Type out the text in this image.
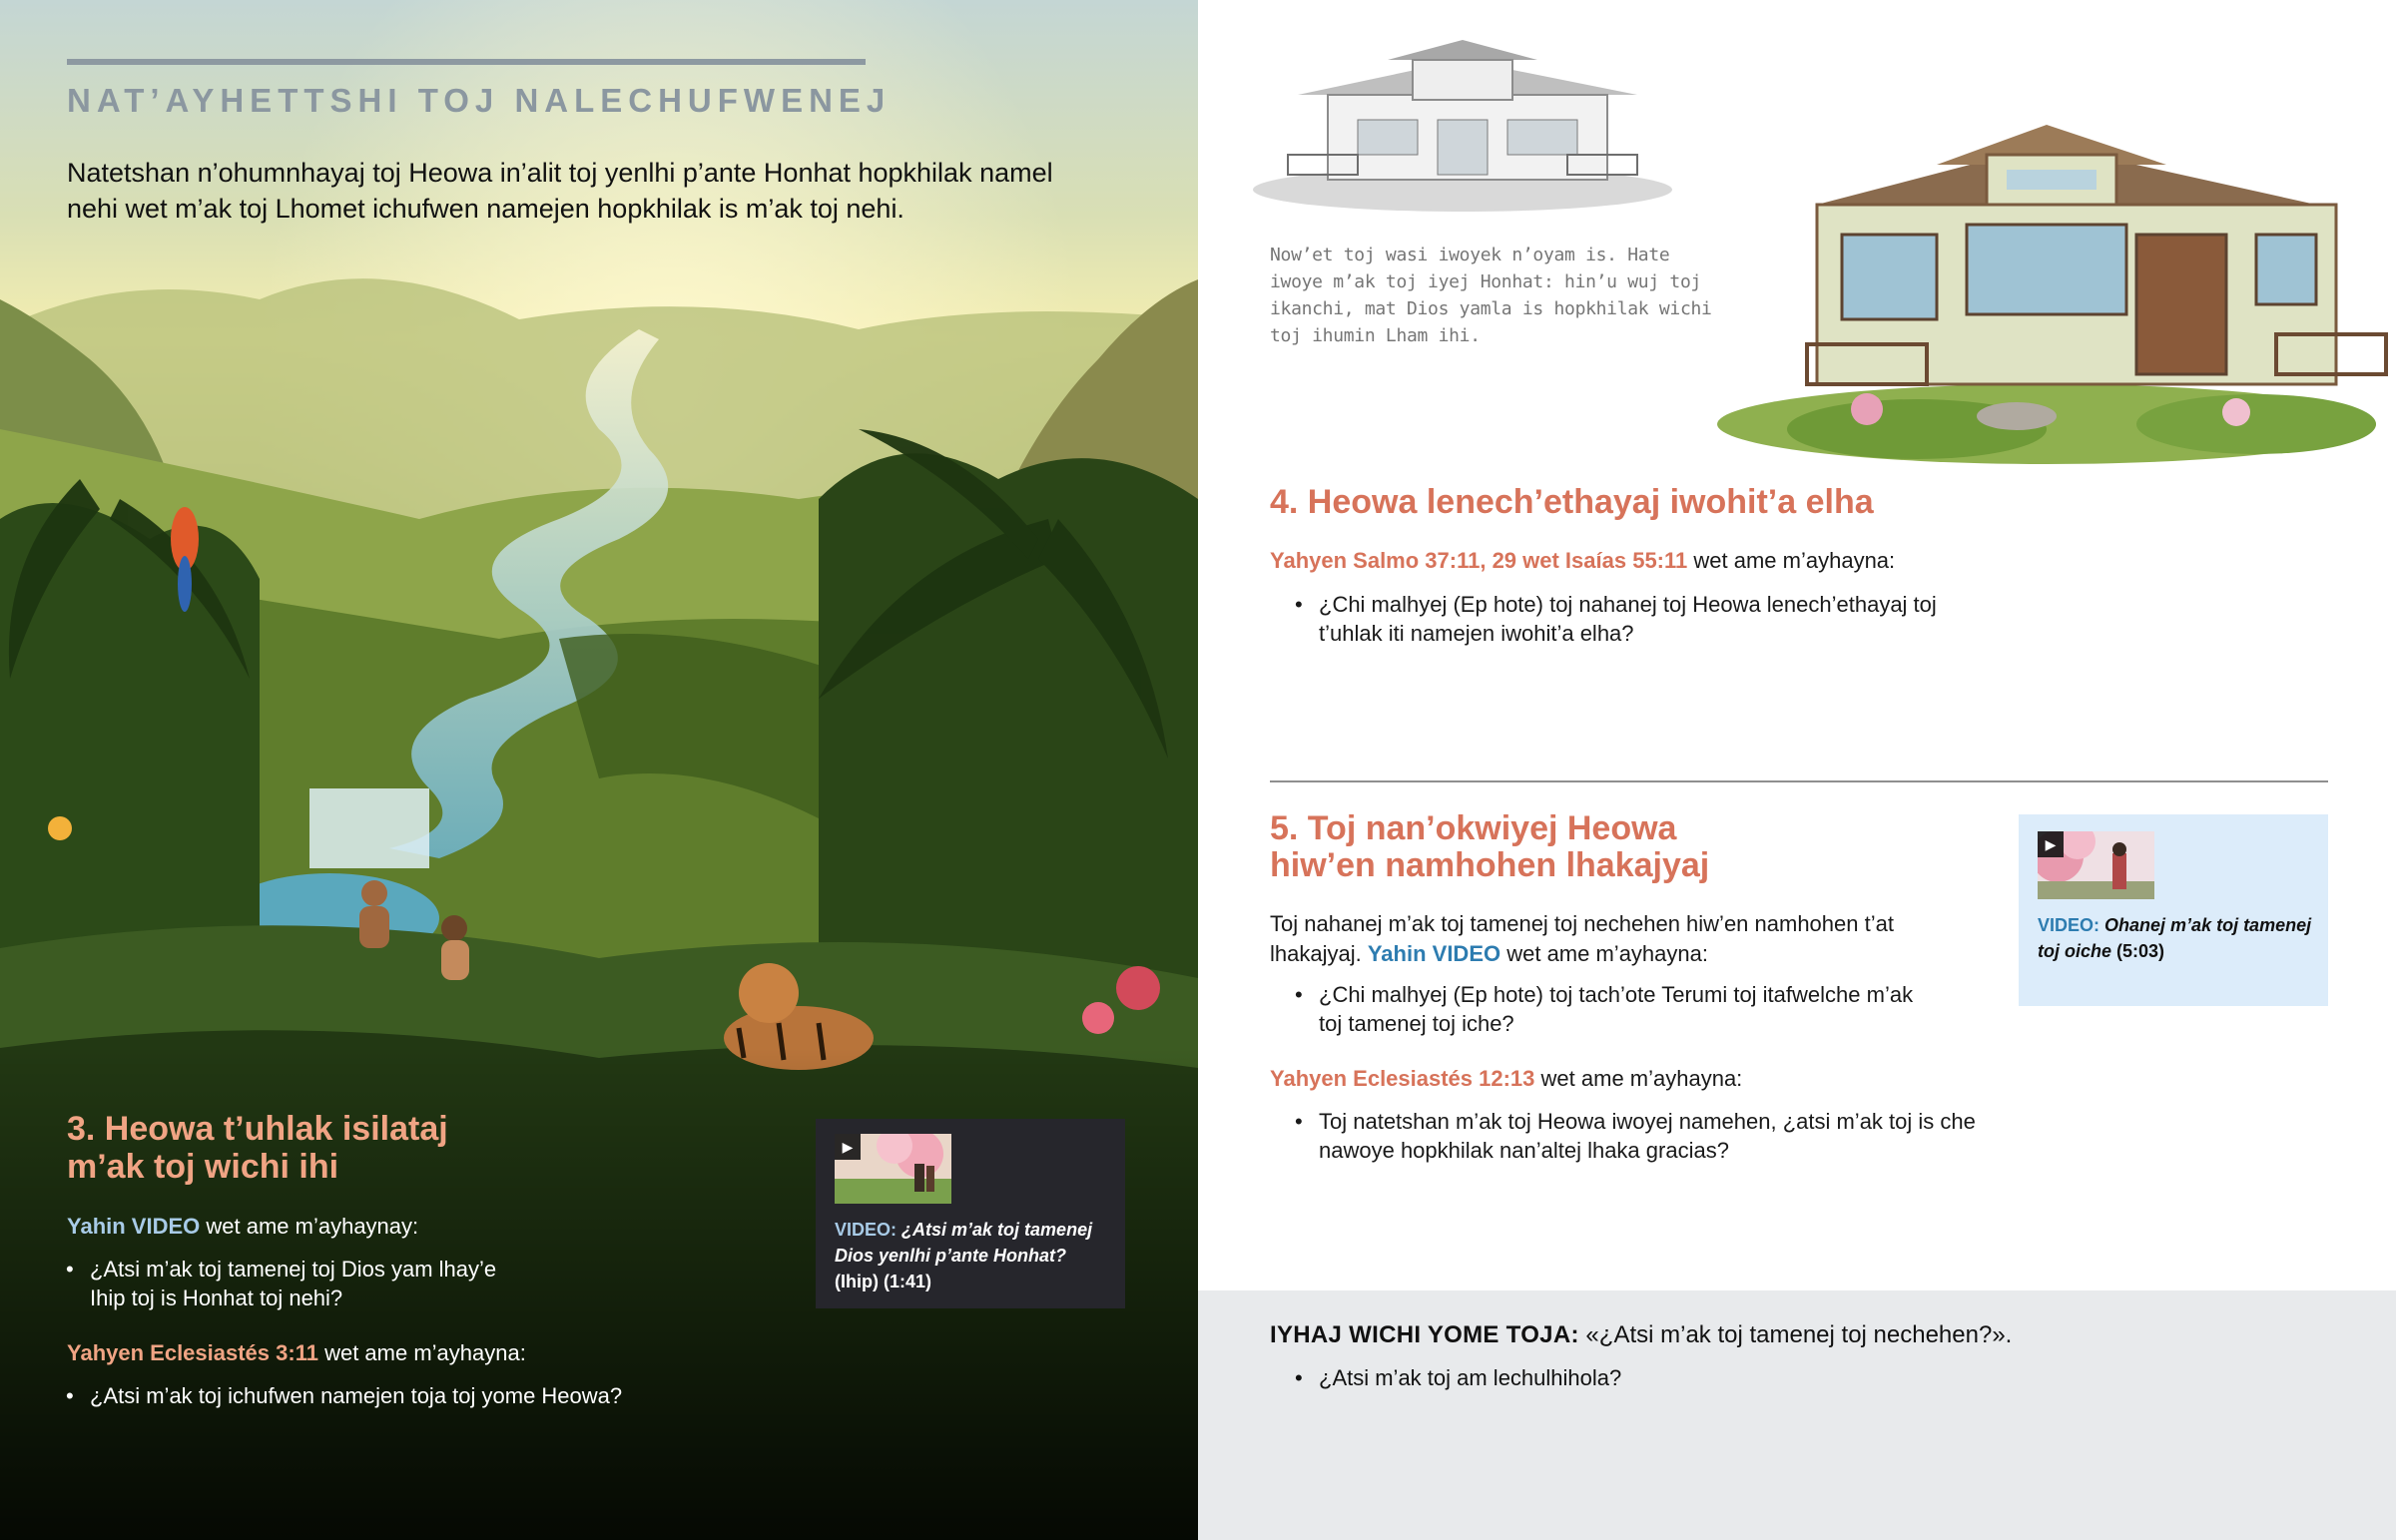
NAT’AYHETTSHI TOJ NALECHUFWENEJ

Natetshan n’ohumnhayaj toj Heowa in’alit toj yenlhi p’ante Honhat hopkhilak namel nehi wet m’ak toj Lhomet ichufwen namejen hopkhilak is m’ak toj nehi.

3. Heowa t’uhlak isilataj m’ak toj wichi ihi

Yahin VIDEO wet ame m’ayhaynay:

• ¿Atsi m’ak toj tamenej toj Dios yam lhay’e Ihip toj is Honhat toj nehi?

Yahyen Eclesiastés 3:11 wet ame m’ayhayna:

• ¿Atsi m’ak toj ichufwen namejen toja toj yome Heowa?

▶
VIDEO: ¿Atsi m’ak toj tamenej Dios yenlhi p’ante Honhat? (Ihip) (1:41)

Now’et toj wasi iwoyek n’oyam is. Hate iwoye m’ak toj iyej Honhat: hin’u wuj toj ikanchi, mat Dios yamla is hopkhilak wichi toj ihumin Lham ihi.

4. Heowa lenech’ethayaj iwohit’a elha

Yahyen Salmo 37:11, 29 wet Isaías 55:11 wet ame m’ayhayna:

• ¿Chi malhyej (Ep hote) toj nahanej toj Heowa lenech’ethayaj toj t’uhlak iti namejen iwohit’a elha?

5. Toj nan’okwiyej Heowa hiw’en namhohen lhakajyaj

Toj nahanej m’ak toj tamenej toj nechehen hiw’en namhohen t’at lhakajyaj. Yahin VIDEO wet ame m’ayhayna:

• ¿Chi malhyej (Ep hote) toj tach’ote Terumi toj itafwelche m’ak toj tamenej toj iche?

Yahyen Eclesiastés 12:13 wet ame m’ayhayna:

• Toj natetshan m’ak toj Heowa iwoyej namehen, ¿atsi m’ak toj is che nawoye hopkhilak nan’altej lhaka gracias?

▶
VIDEO: Ohanej m’ak toj tamenej toj oiche (5:03)

IYHAJ WICHI YOME TOJA: «¿Atsi m’ak toj tamenej toj nechehen?».

• ¿Atsi m’ak toj am lechulhihola?
